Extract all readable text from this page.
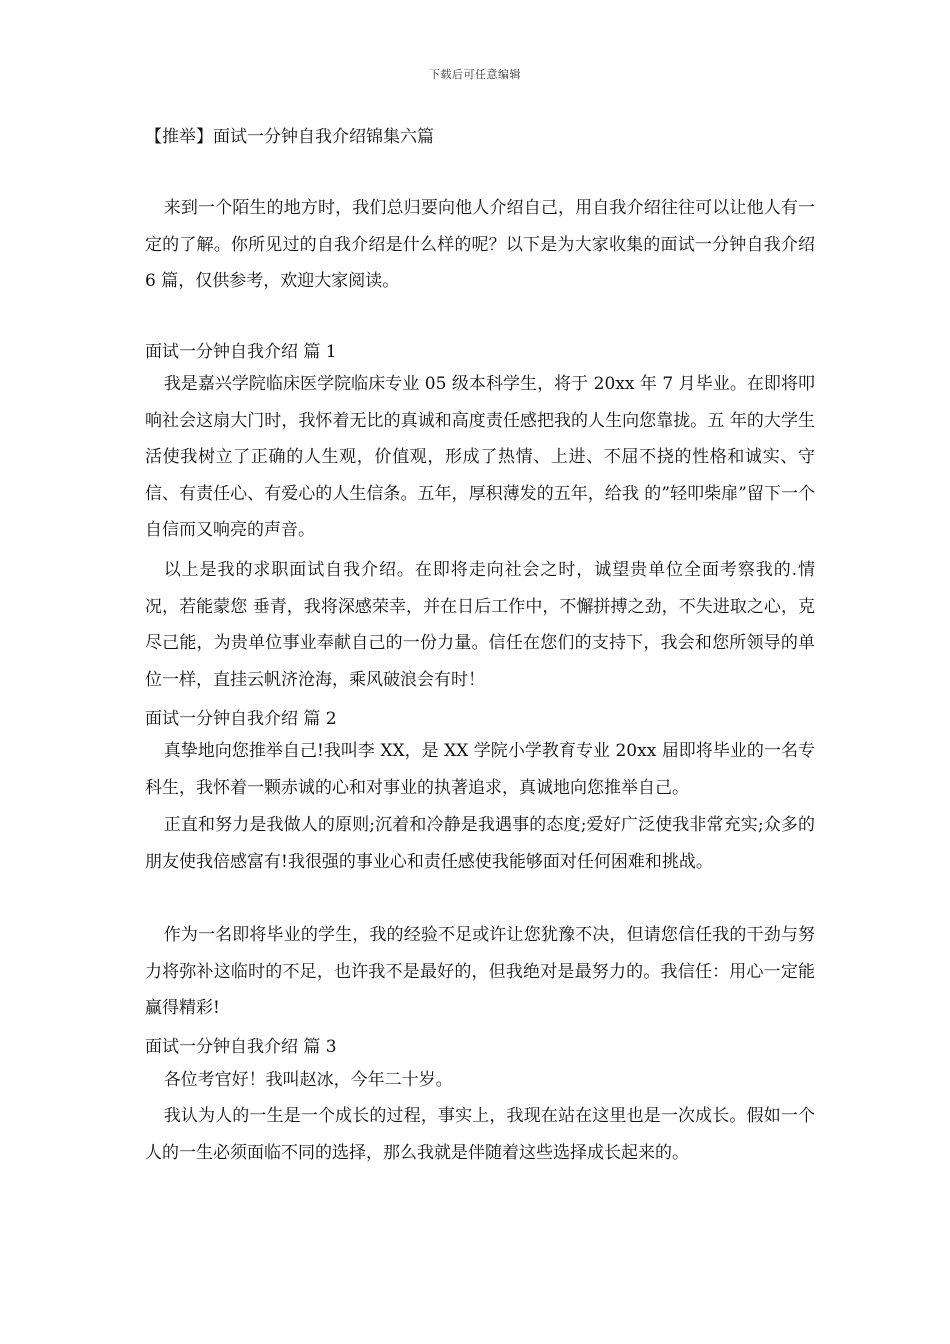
下载后可任意编辑
【推举】面试一分钟自我介绍锦集六篇

来到一个陌生的地方时，我们总归要向他人介绍自己，用自我介绍往往可以让他人有一定的了解。你所见过的自我介绍是什么样的呢？以下是为大家收集的面试一分钟自我介绍 6 篇，仅供参考，欢迎大家阅读。

面试一分钟自我介绍 篇 1

我是嘉兴学院临床医学院临床专业 05 级本科学生，将于 20xx 年 7 月毕业。在即将叩响社会这扇大门时，我怀着无比的真诚和高度责任感把我的人生向您靠拢。五 年的大学生活使我树立了正确的人生观，价值观，形成了热情、上进、不屈不挠的性格和诚实、守信、有责任心、有爱心的人生信条。五年，厚积薄发的五年，给我 的”轻叩柴扉”留下一个自信而又响亮的声音。

以上是我的求职面试自我介绍。在即将走向社会之时，诚望贵单位全面考察我的.情况，若能蒙您 垂青，我将深感荣幸，并在日后工作中，不懈拼搏之劲，不失进取之心，克尽己能，为贵单位事业奉献自己的一份力量。信任在您们的支持下，我会和您所领导的单 位一样，直挂云帆济沧海，乘风破浪会有时！

面试一分钟自我介绍 篇 2

真挚地向您推举自己!我叫李 XX，是 XX 学院小学教育专业 20xx 届即将毕业的一名专科生，我怀着一颗赤诚的心和对事业的执著追求，真诚地向您推举自己。

正直和努力是我做人的原则;沉着和冷静是我遇事的态度;爱好广泛使我非常充实;众多的朋友使我倍感富有!我很强的事业心和责任感使我能够面对任何困难和挑战。

作为一名即将毕业的学生，我的经验不足或许让您犹豫不决，但请您信任我的干劲与努力将弥补这临时的不足，也许我不是最好的，但我绝对是最努力的。我信任：用心一定能赢得精彩!

面试一分钟自我介绍 篇 3

各位考官好！我叫赵冰，今年二十岁。

我认为人的一生是一个成长的过程，事实上，我现在站在这里也是一次成长。假如一个人的一生必须面临不同的选择，那么我就是伴随着这些选择成长起来的。
